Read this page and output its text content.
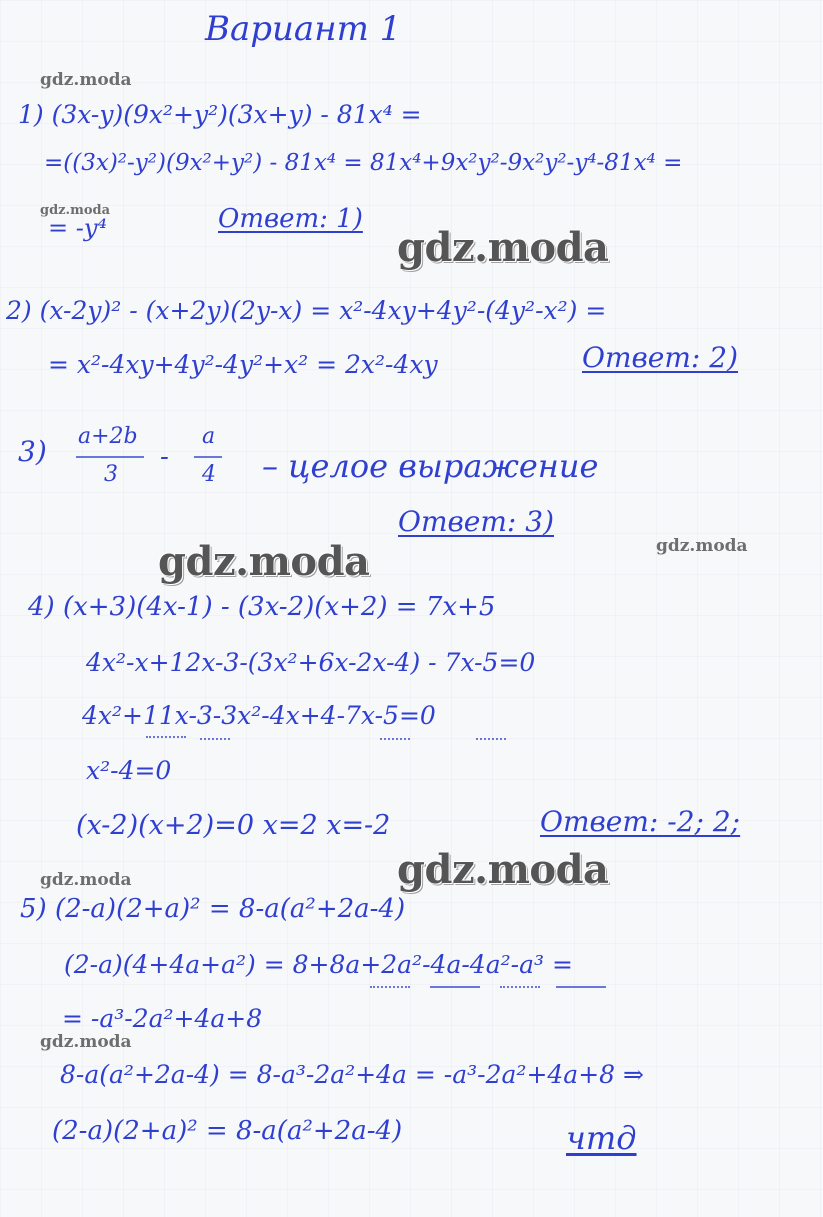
Вариант 1
gdz.moda
gdz.moda
gdz.moda
gdz.moda	gdz.moda
gdz.moda
gdz.moda
gdz.moda
1) (3x-y)(9x²+y²)(3x+y) - 81x⁴ =
=((3x)²-y²)(9x²+y²) - 81x⁴ = 81x⁴+9x²y²-9x²y²-y⁴-81x⁴ =
= -y⁴	Ответ: 1)
2) (x-2y)² - (x+2y)(2y-x) = x²-4xy+4y²-(4y²-x²) =
= x²-4xy+4y²-4y²+x² = 2x²-4xy	Ответ: 2)
3) a+2b
3
-
a
4 – целое выражение
Ответ: 3)
4) (x+3)(4x-1) - (3x-2)(x+2) = 7x+5
4x²-x+12x-3-(3x²+6x-2x-4) - 7x-5=0
4x²+11x-3-3x²-4x+4-7x-5=0
x²-4=0
(x-2)(x+2)=0 x=2 x=-2	Ответ: -2; 2;
5) (2-a)(2+a)² = 8-a(a²+2a-4)
(2-a)(4+4a+a²) = 8+8a+2a²-4a-4a²-a³ =
= -a³-2a²+4a+8
8-a(a²+2a-4) = 8-a³-2a²+4a = -a³-2a²+4a+8 ⇒
(2-a)(2+a)² = 8-a(a²+2a-4)	чтд
